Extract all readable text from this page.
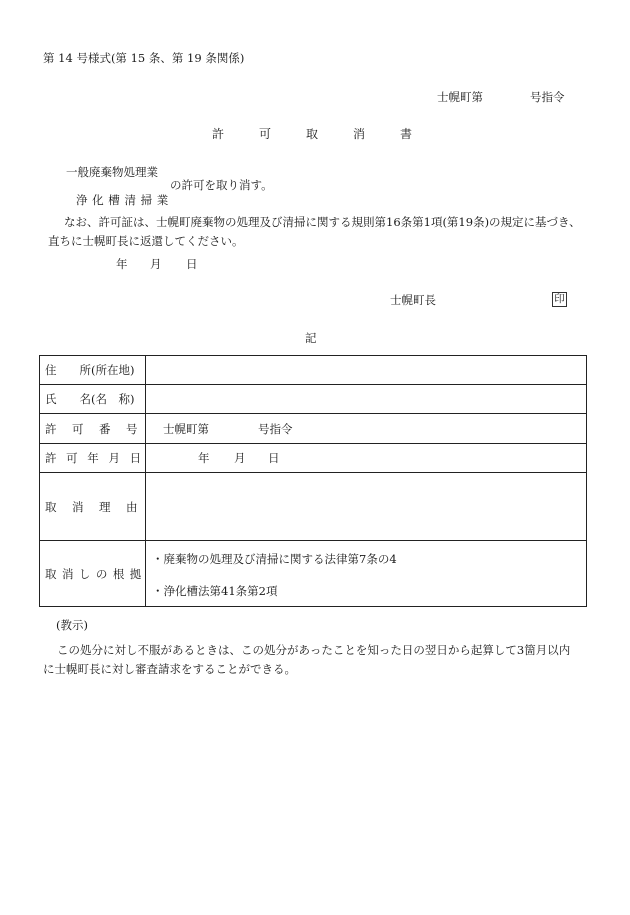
第 14 号様式(第 15 条、第 19 条関係)
士幌町第	号指令
許	可	取	消	書
一般廃棄物処理業
の許可を取り消す。
浄 化 槽 清 掃 業
なお、許可証は、士幌町廃棄物の処理及び清掃に関する規則第16条第1項(第19条)の規定に基づき、
直ちに士幌町長に返還してください。
年 月 日
士幌町長	印
記
住　　所(所在地)
氏　　名(名　称)
許　可　番　号	士幌町第	号指令
許 可 年 月 日	年 月 日
取　消　理　由
取 消 し の 根 拠
・廃棄物の処理及び清掃に関する法律第7条の4
・浄化槽法第41条第2項
(教示)
この処分に対し不服があるときは、この処分があったことを知った日の翌日から起算して3箇月以内
に士幌町長に対し審査請求をすることができる。
